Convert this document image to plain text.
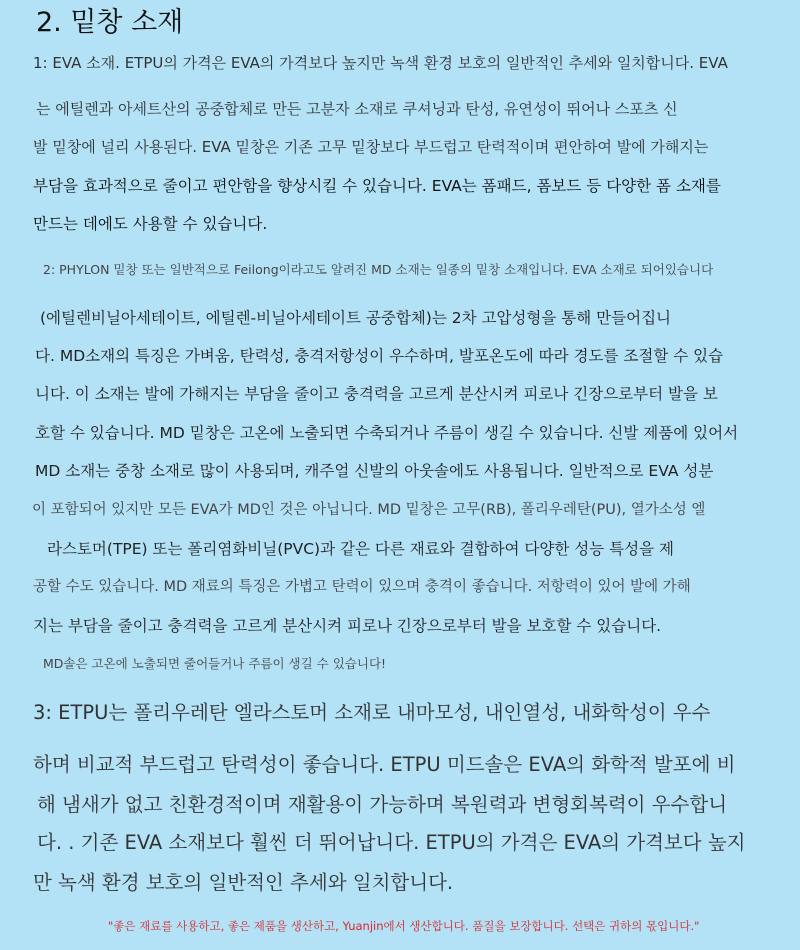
2. 밑창 소재
1: EVA 소재. ETPU의 가격은 EVA의 가격보다 높지만 녹색 환경 보호의 일반적인 추세와 일치합니다. EVA
는 에틸렌과 아세트산의 공중합체로 만든 고분자 소재로 쿠셔닝과 탄성, 유연성이 뛰어나 스포츠 신
발 밑창에 널리 사용된다. EVA 밑창은 기존 고무 밑창보다 부드럽고 탄력적이며 편안하여 발에 가해지는
부담을 효과적으로 줄이고 편안함을 향상시킬 수 있습니다. EVA는 폼패드, 폼보드 등 다양한 폼 소재를
만드는 데에도 사용할 수 있습니다.
2: PHYLON 밑창 또는 일반적으로 Feilong이라고도 알려진 MD 소재는 일종의 밑창 소재입니다. EVA 소재로 되어있습니다
(에틸렌비닐아세테이트, 에틸렌-비닐아세테이트 공중합체)는 2차 고압성형을 통해 만들어집니
다. MD소재의 특징은 가벼움, 탄력성, 충격저항성이 우수하며, 발포온도에 따라 경도를 조절할 수 있습
니다. 이 소재는 발에 가해지는 부담을 줄이고 충격력을 고르게 분산시켜 피로나 긴장으로부터 발을 보
호할 수 있습니다. MD 밑창은 고온에 노출되면 수축되거나 주름이 생길 수 있습니다. 신발 제품에 있어서
MD 소재는 중창 소재로 많이 사용되며, 캐주얼 신발의 아웃솔에도 사용됩니다. 일반적으로 EVA 성분
이 포함되어 있지만 모든 EVA가 MD인 것은 아닙니다. MD 밑창은 고무(RB), 폴리우레탄(PU), 열가소성 엘
라스토머(TPE) 또는 폴리염화비닐(PVC)과 같은 다른 재료와 결합하여 다양한 성능 특성을 제
공할 수도 있습니다. MD 재료의 특징은 가볍고 탄력이 있으며 충격이 좋습니다. 저항력이 있어 발에 가해
지는 부담을 줄이고 충격력을 고르게 분산시켜 피로나 긴장으로부터 발을 보호할 수 있습니다.
MD솔은 고온에 노출되면 줄어들거나 주름이 생길 수 있습니다!
3: ETPU는 폴리우레탄 엘라스토머 소재로 내마모성, 내인열성, 내화학성이 우수
하며 비교적 부드럽고 탄력성이 좋습니다. ETPU 미드솔은 EVA의 화학적 발포에 비
해 냄새가 없고 친환경적이며 재활용이 가능하며 복원력과 변형회복력이 우수합니
다. . 기존 EVA 소재보다 훨씬 더 뛰어납니다. ETPU의 가격은 EVA의 가격보다 높지
만 녹색 환경 보호의 일반적인 추세와 일치합니다.
"좋은 재료를 사용하고, 좋은 제품을 생산하고, Yuanjin에서 생산합니다. 품질을 보장합니다. 선택은 귀하의 몫입니다."
